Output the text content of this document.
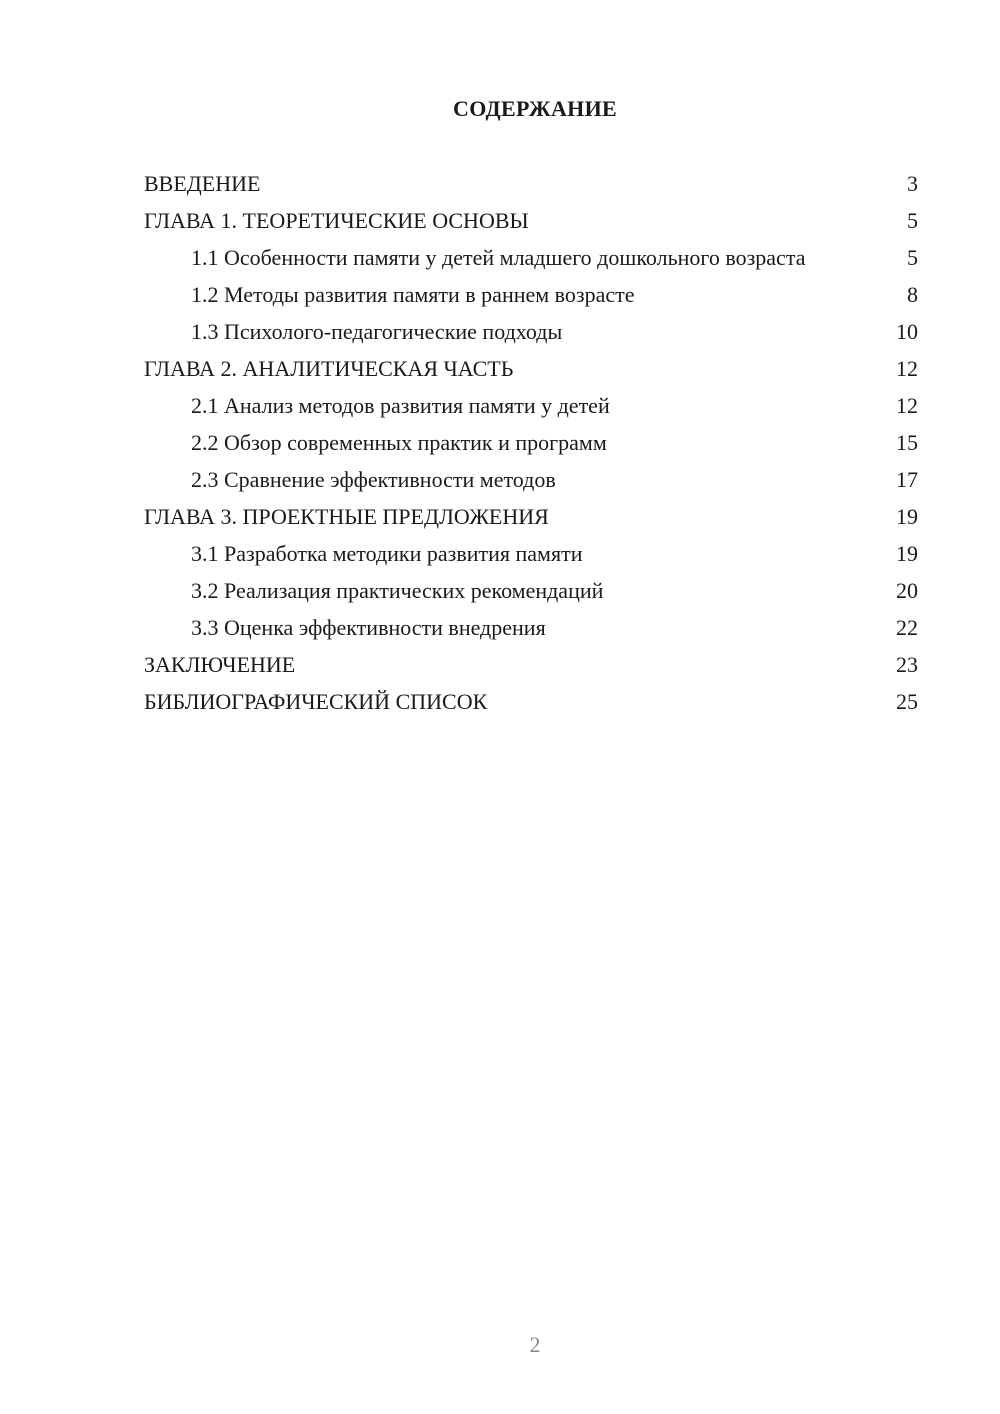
СОДЕРЖАНИЕ
ВВЕДЕНИЕ	3
ГЛАВА 1. ТЕОРЕТИЧЕСКИЕ ОСНОВЫ	5
1.1 Особенности памяти у детей младшего дошкольного возраста	5
1.2 Методы развития памяти в раннем возрасте	8
1.3 Психолого-педагогические подходы	10
ГЛАВА 2. АНАЛИТИЧЕСКАЯ ЧАСТЬ	12
2.1 Анализ методов развития памяти у детей	12
2.2 Обзор современных практик и программ	15
2.3 Сравнение эффективности методов	17
ГЛАВА 3. ПРОЕКТНЫЕ ПРЕДЛОЖЕНИЯ	19
3.1 Разработка методики развития памяти	19
3.2 Реализация практических рекомендаций	20
3.3 Оценка эффективности внедрения	22
ЗАКЛЮЧЕНИЕ	23
БИБЛИОГРАФИЧЕСКИЙ СПИСОК	25
2
